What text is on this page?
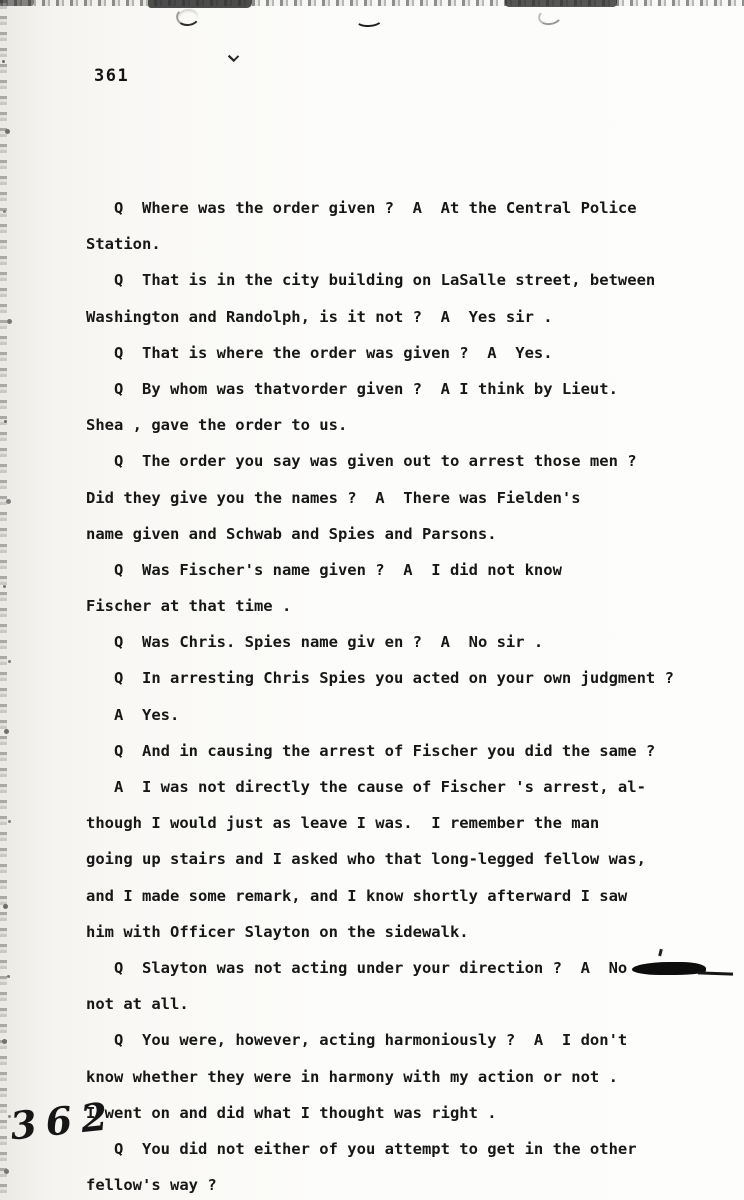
361
Q  Where was the order given ?  A  At the Central Police
Station.
Q  That is in the city building on LaSalle street, between
Washington and Randolph, is it not ?  A  Yes sir .
Q  That is where the order was given ?  A  Yes.
Q  By whom was thatvorder given ?  A I think by Lieut.
Shea , gave the order to us.
Q  The order you say was given out to arrest those men ?
Did they give you the names ?  A  There was Fielden's
name given and Schwab and Spies and Parsons.
Q  Was Fischer's name given ?  A  I did not know
Fischer at that time .
Q  Was Chris. Spies name giv en ?  A  No sir .
Q  In arresting Chris Spies you acted on your own judgment ?
A  Yes.
Q  And in causing the arrest of Fischer you did the same ?
A  I was not directly the cause of Fischer 's arrest, al-
though I would just as leave I was.  I remember the man
going up stairs and I asked who that long-legged fellow was,
and I made some remark, and I know shortly afterward I saw
him with Officer Slayton on the sidewalk.
Q  Slayton was not acting under your direction ?  A  No
not at all.
Q  You were, however, acting harmoniously ?  A  I don't
know whether they were in harmony with my action or not .
I went on and did what I thought was right .
Q  You did not either of you attempt to get in the other
fellow's way ?
362
